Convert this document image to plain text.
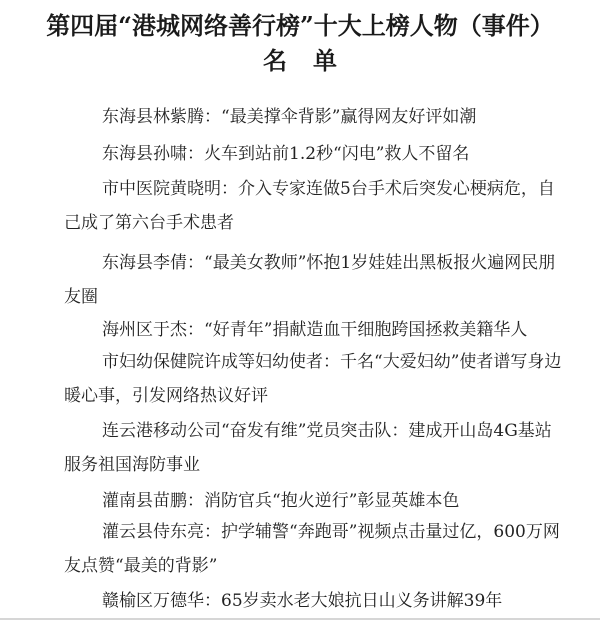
第四届“港城网络善行榜”十大上榜人物（事件）
名单
东海县林紫腾：“最美撑伞背影”赢得网友好评如潮
东海县孙啸：火车到站前1.2秒“闪电”救人不留名
市中医院黄晓明：介入专家连做5台手术后突发心梗病危，自己成了第六台手术患者
东海县李倩：“最美女教师”怀抱1岁娃娃出黑板报火遍网民朋友圈
海州区于杰：“好青年”捐献造血干细胞跨国拯救美籍华人
市妇幼保健院许成等妇幼使者：千名“大爱妇幼”使者谱写身边暖心事，引发网络热议好评
连云港移动公司“奋发有维”党员突击队：建成开山岛4G基站服务祖国海防事业
灌南县苗鹏：消防官兵“抱火逆行”彰显英雄本色
灌云县侍东亮：护学辅警“奔跑哥”视频点击量过亿，600万网友点赞“最美的背影”
赣榆区万德华：65岁卖水老大娘抗日山义务讲解39年
